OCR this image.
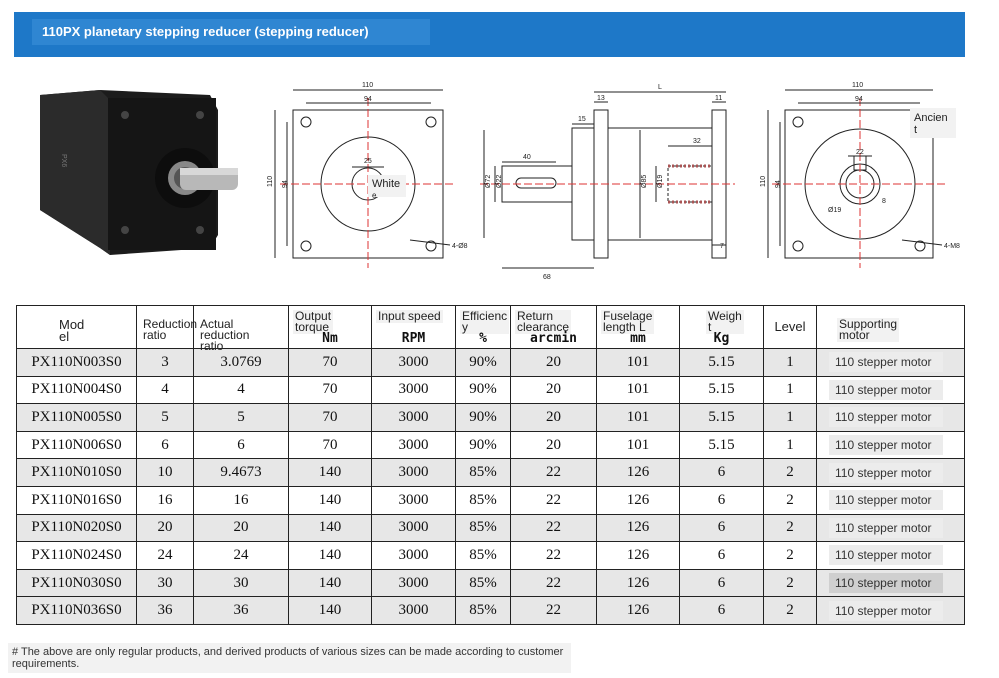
110PX planetary stepping reducer (stepping reducer)
PX6
110
94
110 94
25
4-Ø8
White
e
L
13	11
15
40
32
Ø72 Ø22	Ø85 Ø19
7
68
110
94
110 94
22
8
Ø19
4-M8
Ancien
t
Mod
el	Reduction
ratio	Actual reduction
ratio	Output
torque
Nm	Input speed
RPM	Efficienc
y
%	Return
clearance
arcmin	Fuselage
length L
mm	Weigh
t
Kg	Level	Supporting
motor

PX110N003S0	3	3.0769	70	3000	90%	20	101	5.15	1	110 stepper motor

PX110N004S0	4	4	70	3000	90%	20	101	5.15	1	110 stepper motor

PX110N005S0	5	5	70	3000	90%	20	101	5.15	1	110 stepper motor

PX110N006S0	6	6	70	3000	90%	20	101	5.15	1	110 stepper motor

PX110N010S0	10	9.4673	140	3000	85%	22	126	6	2	110 stepper motor

PX110N016S0	16	16	140	3000	85%	22	126	6	2	110 stepper motor

PX110N020S0	20	20	140	3000	85%	22	126	6	2	110 stepper motor

PX110N024S0	24	24	140	3000	85%	22	126	6	2	110 stepper motor

PX110N030S0	30	30	140	3000	85%	22	126	6	2	110 stepper motor

PX110N036S0	36	36	140	3000	85%	22	126	6	2	110 stepper motor
# The above are only regular products, and derived products of various sizes can be made according to customer requirements.
